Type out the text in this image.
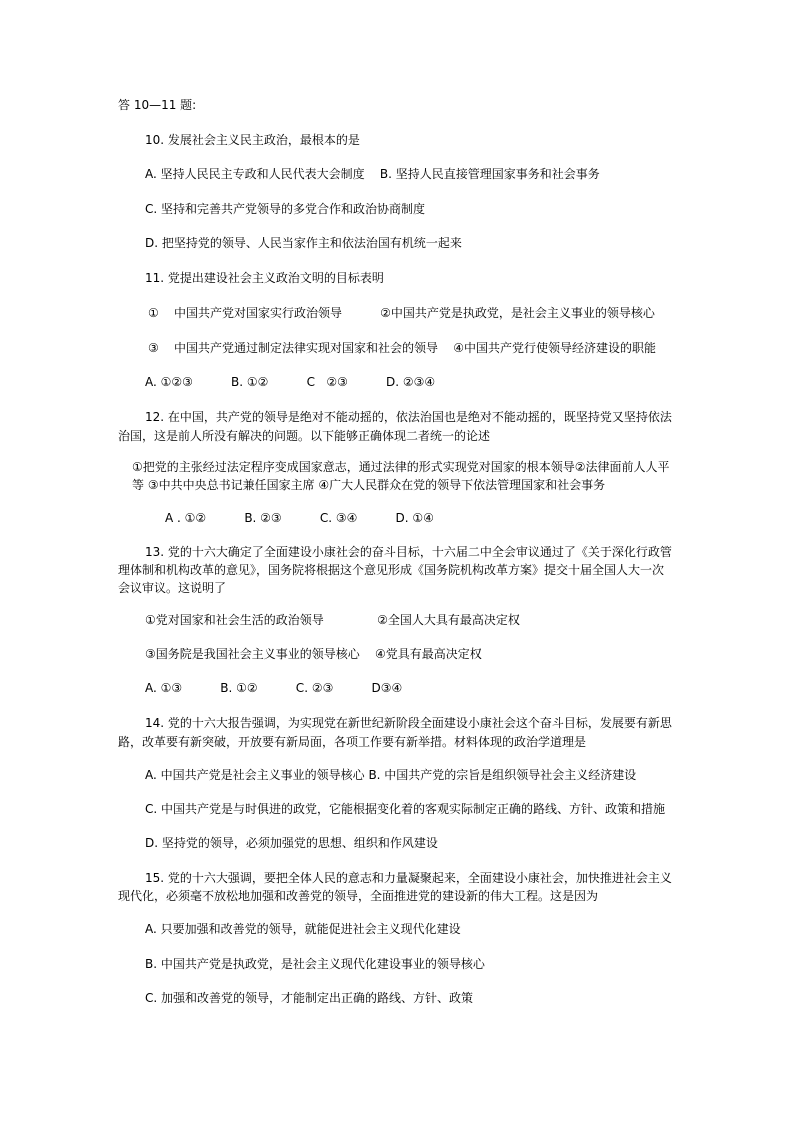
答 10—11 题:
10. 发展社会主义民主政治，最根本的是
A. 坚持人民民主专政和人民代表大会制度    B. 坚持人民直接管理国家事务和社会事务
C. 坚持和完善共产党领导的多党合作和政治协商制度
D. 把坚持党的领导、人民当家作主和依法治国有机统一起来
11. 党提出建设社会主义政治文明的目标表明
①    中国共产党对国家实行政治领导          ②中国共产党是执政党，是社会主义事业的领导核心
③    中国共产党通过制定法律实现对国家和社会的领导    ④中国共产党行使领导经济建设的职能
A. ①②③          B. ①②          C   ②③          D. ②③④
12. 在中国，共产党的领导是绝对不能动摇的，依法治国也是绝对不能动摇的，既坚持党又坚持依法
治国，这是前人所没有解决的问题。以下能够正确体现二者统一的论述
①把党的主张经过法定程序变成国家意志，通过法律的形式实现党对国家的根本领导②法律面前人人平
等 ③中共中央总书记兼任国家主席 ④广大人民群众在党的领导下依法管理国家和社会事务
A . ①②          B. ②③          C. ③④          D. ①④
13. 党的十六大确定了全面建设小康社会的奋斗目标，十六届二中全会审议通过了《关于深化行政管
理体制和机构改革的意见》，国务院将根据这个意见形成《国务院机构改革方案》提交十届全国人大一次
会议审议。这说明了
①党对国家和社会生活的政治领导              ②全国人大具有最高决定权
③国务院是我国社会主义事业的领导核心    ④党具有最高决定权
A. ①③          B. ①②          C. ②③          D③④
14. 党的十六大报告强调，为实现党在新世纪新阶段全面建设小康社会这个奋斗目标，发展要有新思
路，改革要有新突破，开放要有新局面，各项工作要有新举措。材料体现的政治学道理是
A. 中国共产党是社会主义事业的领导核心 B. 中国共产党的宗旨是组织领导社会主义经济建设
C. 中国共产党是与时俱进的政党，它能根据变化着的客观实际制定正确的路线、方针、政策和措施
D. 坚持党的领导，必须加强党的思想、组织和作风建设
15. 党的十六大强调，要把全体人民的意志和力量凝聚起来，全面建设小康社会，加快推进社会主义
现代化，必须毫不放松地加强和改善党的领导，全面推进党的建设新的伟大工程。这是因为
A. 只要加强和改善党的领导，就能促进社会主义现代化建设
B. 中国共产党是执政党，是社会主义现代化建设事业的领导核心
C. 加强和改善党的领导，才能制定出正确的路线、方针、政策
